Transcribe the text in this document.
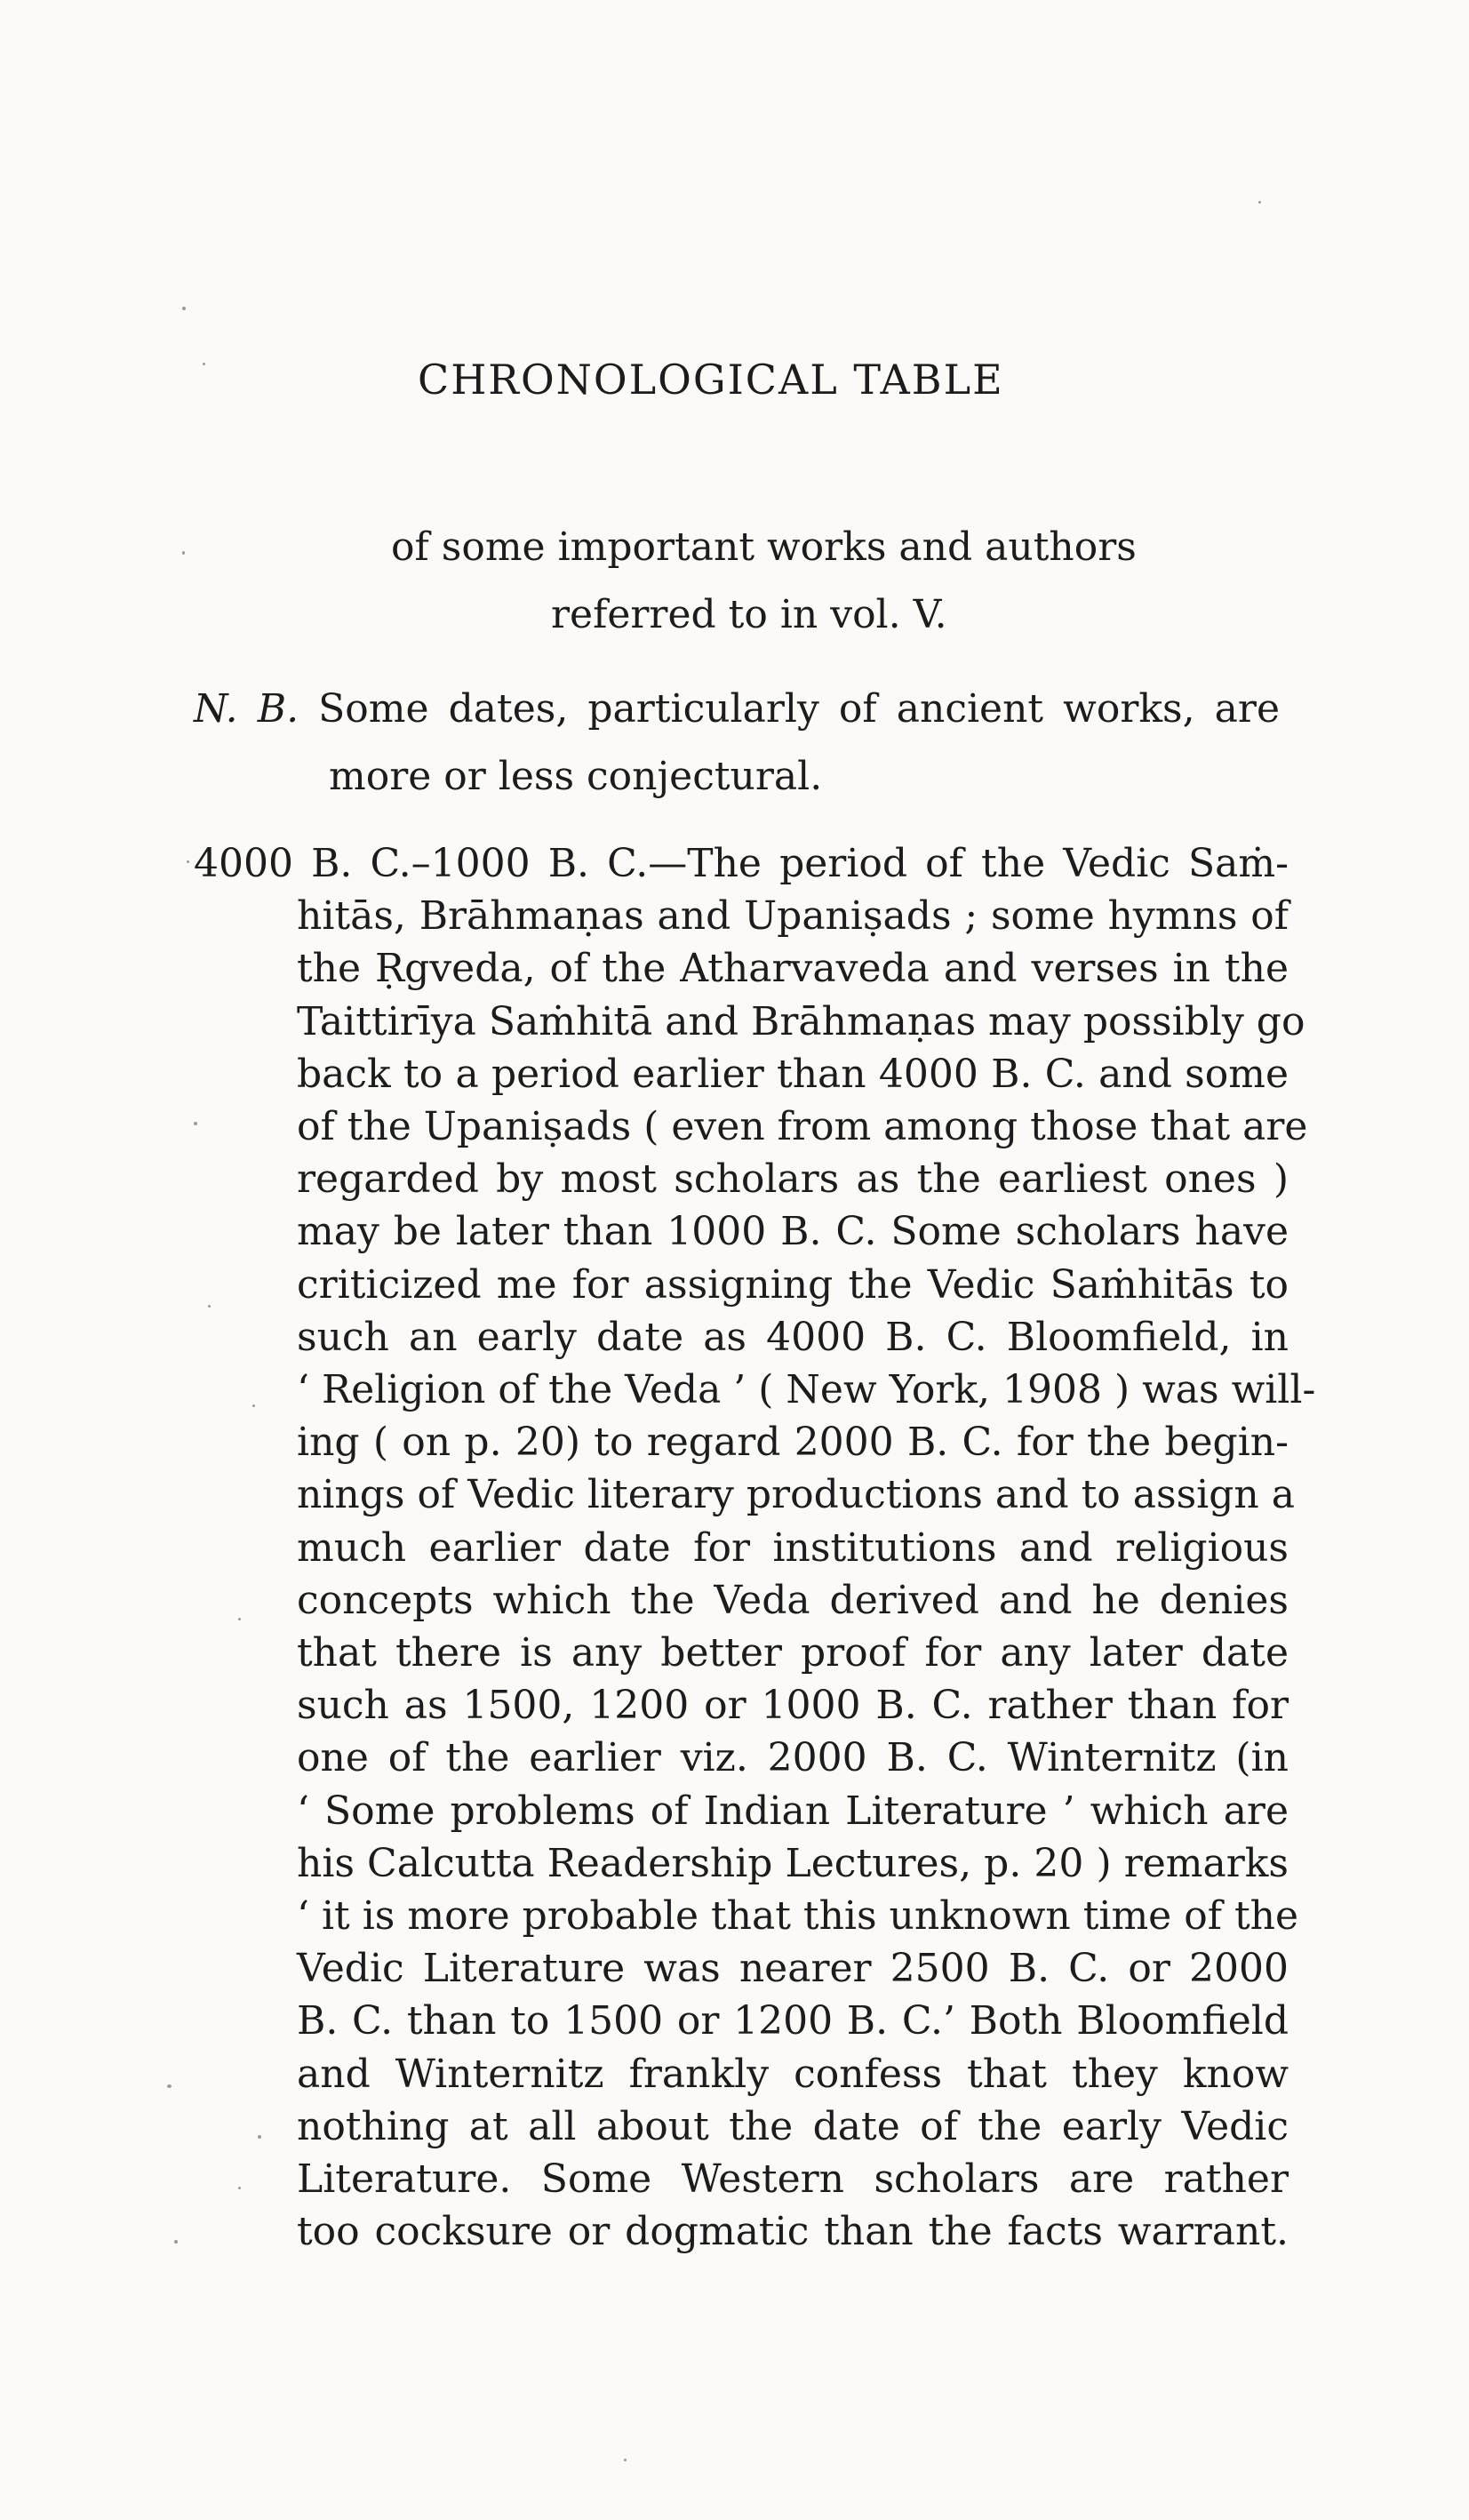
CHRONOLOGICAL TABLE

of some important works and authors
referred to in vol. V.

N. B. Some dates, particularly of ancient works, are
more or less conjectural.

4000 B. C.–1000 B. C.—The period of the Vedic Saṁ-
hitās, Brāhmaṇas and Upaniṣads ; some hymns of
the Ṛgveda, of the Atharvaveda and verses in the
Taittirīya Saṁhitā and Brāhmaṇas may possibly go
back to a period earlier than 4000 B. C. and some
of the Upaniṣads ( even from among those that are
regarded by most scholars as the earliest ones )
may be later than 1000 B. C. Some scholars have
criticized me for assigning the Vedic Saṁhitās to
such an early date as 4000 B. C. Bloomfield, in
‘ Religion of the Veda ’ ( New York, 1908 ) was will-
ing ( on p. 20) to regard 2000 B. C. for the begin-
nings of Vedic literary productions and to assign a
much earlier date for institutions and religious
concepts which the Veda derived and he denies
that there is any better proof for any later date
such as 1500, 1200 or 1000 B. C. rather than for
one of the earlier viz. 2000 B. C. Winternitz (in
‘ Some problems of Indian Literature ’ which are
his Calcutta Readership Lectures, p. 20 ) remarks
‘ it is more probable that this unknown time of the
Vedic Literature was nearer 2500 B. C. or 2000
B. C. than to 1500 or 1200 B. C.’ Both Bloomfield
and Winternitz frankly confess that they know
nothing at all about the date of the early Vedic
Literature. Some Western scholars are rather
too cocksure or dogmatic than the facts warrant.
